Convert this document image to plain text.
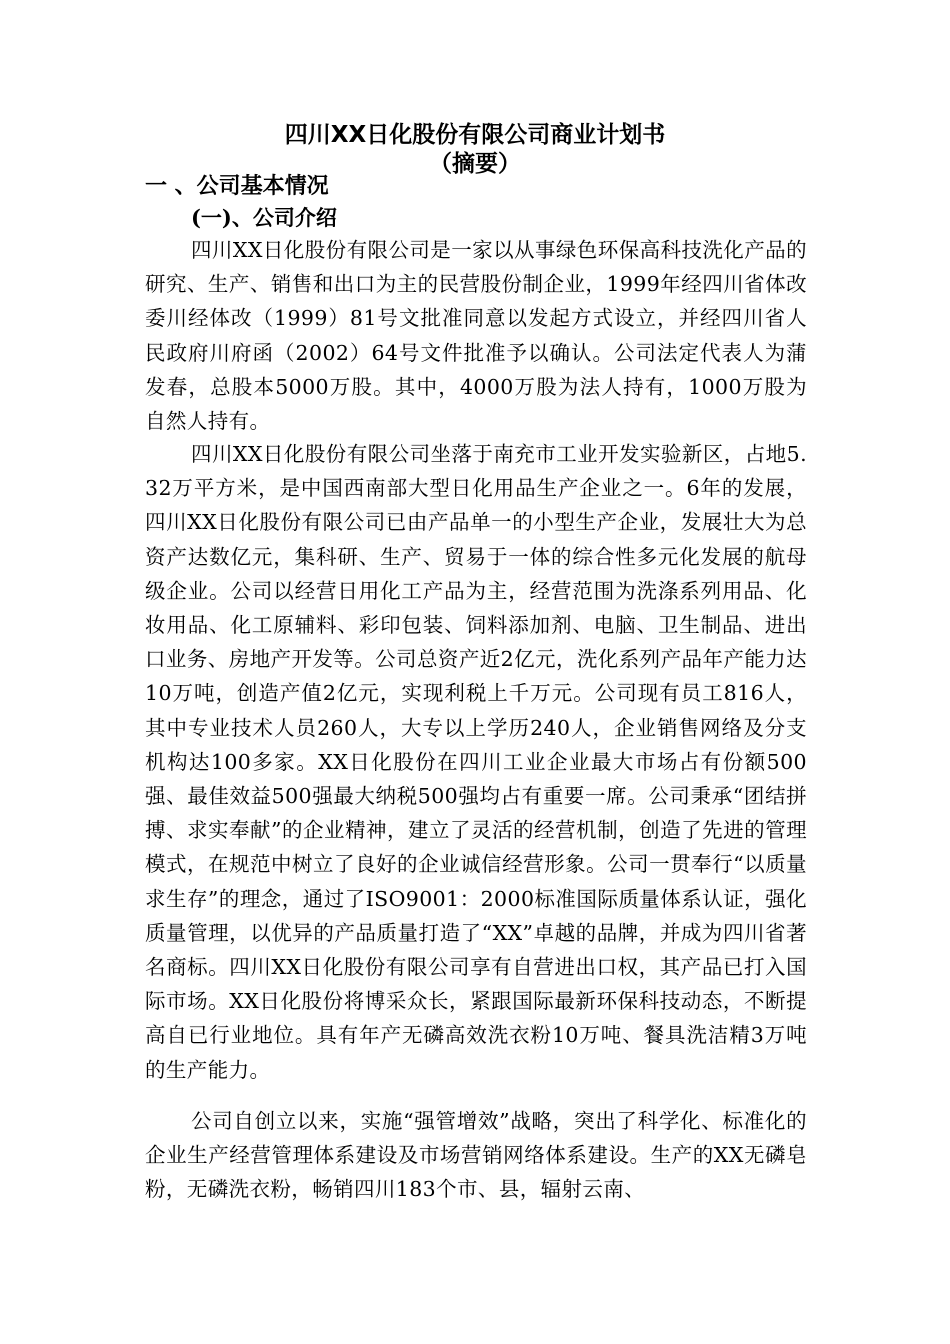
四川XX日化股份有限公司商业计划书
（摘要）
一 、公司基本情况
(一)、公司介绍

四川XX日化股份有限公司是一家以从事绿色环保高科技洗化产品的研究、生产、销售和出口为主的民营股份制企业，1999年经四川省体改委川经体改（1999）81号文批准同意以发起方式设立，并经四川省人民政府川府函（2002）64号文件批准予以确认。公司法定代表人为蒲发春，总股本5000万股。其中，4000万股为法人持有，1000万股为自然人持有。

四川XX日化股份有限公司坐落于南充市工业开发实验新区，占地5.32万平方米，是中国西南部大型日化用品生产企业之一。6年的发展，四川XX日化股份有限公司已由产品单一的小型生产企业，发展壮大为总资产达数亿元，集科研、生产、贸易于一体的综合性多元化发展的航母级企业。公司以经营日用化工产品为主，经营范围为洗涤系列用品、化妆用品、化工原辅料、彩印包装、饲料添加剂、电脑、卫生制品、进出口业务、房地产开发等。公司总资产近2亿元，洗化系列产品年产能力达10万吨，创造产值2亿元，实现利税上千万元。公司现有员工816人，其中专业技术人员260人，大专以上学历240人，企业销售网络及分支机构达100多家。XX日化股份在四川工业企业最大市场占有份额500强、最佳效益500强最大纳税500强均占有重要一席。公司秉承“团结拼搏、求实奉献”的企业精神，建立了灵活的经营机制，创造了先进的管理模式，在规范中树立了良好的企业诚信经营形象。公司一贯奉行“以质量求生存”的理念，通过了ISO9001：2000标准国际质量体系认证，强化质量管理，以优异的产品质量打造了“XX”卓越的品牌，并成为四川省著名商标。四川XX日化股份有限公司享有自营进出口权，其产品已打入国际市场。XX日化股份将博采众长，紧跟国际最新环保科技动态，不断提高自已行业地位。具有年产无磷高效洗衣粉10万吨、餐具洗洁精3万吨的生产能力。

公司自创立以来，实施“强管增效”战略，突出了科学化、标准化的企业生产经营管理体系建设及市场营销网络体系建设。生产的XX无磷皂粉，无磷洗衣粉，畅销四川183个市、县，辐射云南、
